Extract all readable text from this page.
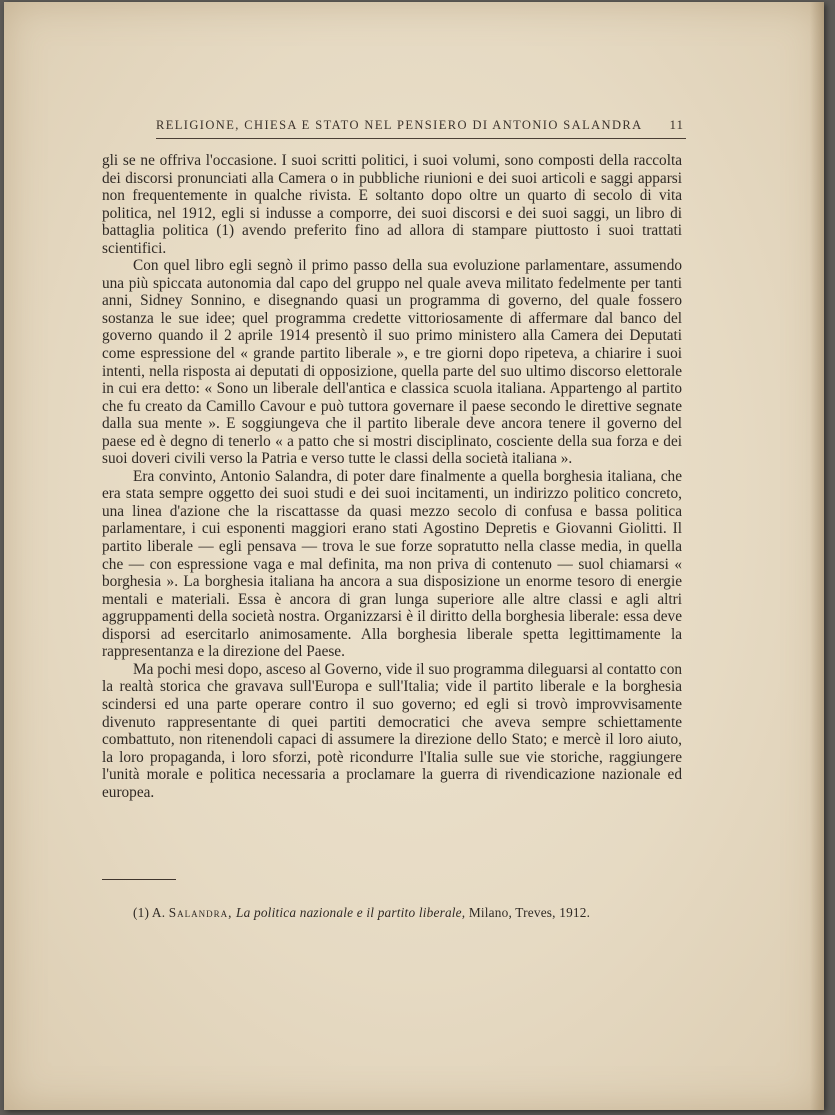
RELIGIONE, CHIESA E STATO NEL PENSIERO DI ANTONIO SALANDRA 11

gli se ne offriva l'occasione. I suoi scritti politici, i suoi volumi, sono composti della raccolta dei discorsi pronunciati alla Camera o in pubbliche riunioni e dei suoi articoli e saggi apparsi non frequentemente in qualche rivista. E soltanto dopo oltre un quarto di secolo di vita politica, nel 1912, egli si indusse a comporre, dei suoi discorsi e dei suoi saggi, un libro di battaglia politica (1) avendo preferito fino ad allora di stampare piuttosto i suoi trattati scientifici.

Con quel libro egli segnò il primo passo della sua evoluzione parlamentare, assumendo una più spiccata autonomia dal capo del gruppo nel quale aveva militato fedelmente per tanti anni, Sidney Sonnino, e disegnando quasi un programma di governo, del quale fossero sostanza le sue idee; quel programma credette vittoriosamente di affermare dal banco del governo quando il 2 aprile 1914 presentò il suo primo ministero alla Camera dei Deputati come espressione del « grande partito liberale », e tre giorni dopo ripeteva, a chiarire i suoi intenti, nella risposta ai deputati di opposizione, quella parte del suo ultimo discorso elettorale in cui era detto: « Sono un liberale dell'antica e classica scuola italiana. Appartengo al partito che fu creato da Camillo Cavour e può tuttora governare il paese secondo le direttive segnate dalla sua mente ». E soggiungeva che il partito liberale deve ancora tenere il governo del paese ed è degno di tenerlo « a patto che si mostri disciplinato, cosciente della sua forza e dei suoi doveri civili verso la Patria e verso tutte le classi della società italiana ».

Era convinto, Antonio Salandra, di poter dare finalmente a quella borghesia italiana, che era stata sempre oggetto dei suoi studi e dei suoi incitamenti, un indirizzo politico concreto, una linea d'azione che la riscattasse da quasi mezzo secolo di confusa e bassa politica parlamentare, i cui esponenti maggiori erano stati Agostino Depretis e Giovanni Giolitti. Il partito liberale — egli pensava — trova le sue forze sopratutto nella classe media, in quella che — con espressione vaga e mal definita, ma non priva di contenuto — suol chiamarsi « borghesia ». La borghesia italiana ha ancora a sua disposizione un enorme tesoro di energie mentali e materiali. Essa è ancora di gran lunga superiore alle altre classi e agli altri aggruppamenti della società nostra. Organizzarsi è il diritto della borghesia liberale: essa deve disporsi ad esercitarlo animosamente. Alla borghesia liberale spetta legittimamente la rappresentanza e la direzione del Paese.

Ma pochi mesi dopo, asceso al Governo, vide il suo programma dileguarsi al contatto con la realtà storica che gravava sull'Europa e sull'Italia; vide il partito liberale e la borghesia scindersi ed una parte operare contro il suo governo; ed egli si trovò improvvisamente divenuto rappresentante di quei partiti democratici che aveva sempre schiettamente combattuto, non ritenendoli capaci di assumere la direzione dello Stato; e mercè il loro aiuto, la loro propaganda, i loro sforzi, potè ricondurre l'Italia sulle sue vie storiche, raggiungere l'unità morale e politica necessaria a proclamare la guerra di rivendicazione nazionale ed europea.

(1) A. Salandra, La politica nazionale e il partito liberale, Milano, Treves, 1912.
